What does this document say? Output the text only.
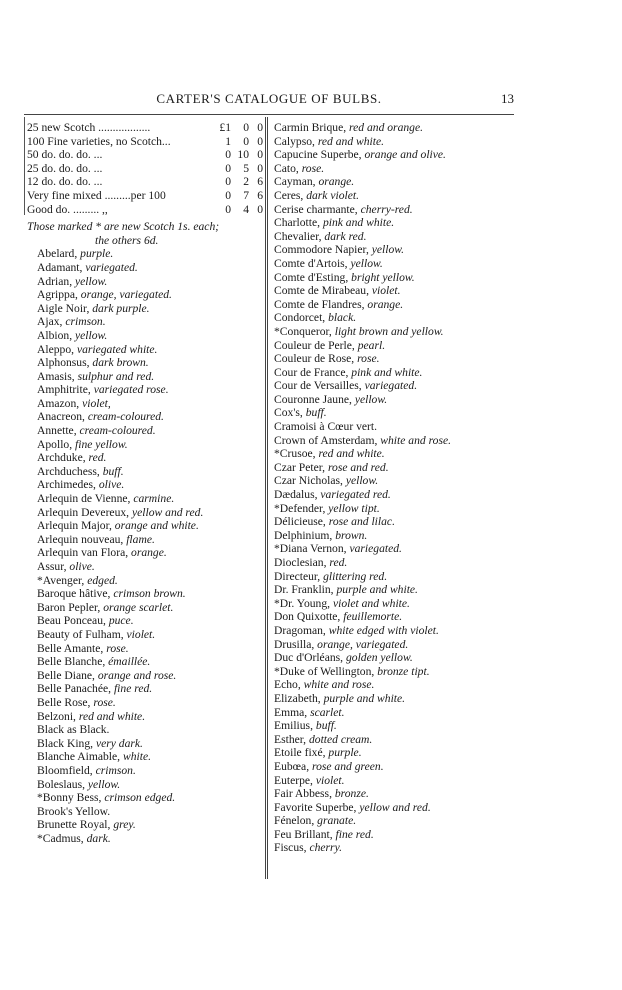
CARTER'S CATALOGUE OF BULBS.	13
25 new Scotch ..................	£1	0 0
100 Fine varieties, no Scotch...	1	0 0
50 do. do. do. ...	0 10 0
25 do. do. do. ...	0	5 0
12 do. do. do. ...	0	2 6
Very fine mixed .........per 100	0	7 6
Good do. ......... ,,	0	4 0
Those marked * are new Scotch 1s. each;
the others 6d.
Abelard, purple.
Adamant, variegated.
Adrian, yellow.
Agrippa, orange, variegated.
Aigle Noir, dark purple.
Ajax, crimson.
Albion, yellow.
Aleppo, variegated white.
Alphonsus, dark brown.
Amasis, sulphur and red.
Amphitrite, variegated rose.
Amazon, violet,
Anacreon, cream-coloured.
Annette, cream-coloured.
Apollo, fine yellow.
Archduke, red.
Archduchess, buff.
Archimedes, olive.
Arlequin de Vienne, carmine.
Arlequin Devereux, yellow and red.
Arlequin Major, orange and white.
Arlequin nouveau, flame.
Arlequin van Flora, orange.
Assur, olive.
*Avenger, edged.
Baroque hâtive, crimson brown.
Baron Pepler, orange scarlet.
Beau Ponceau, puce.
Beauty of Fulham, violet.
Belle Amante, rose.
Belle Blanche, émaillée.
Belle Diane, orange and rose.
Belle Panachée, fine red.
Belle Rose, rose.
Belzoni, red and white.
Black as Black.
Black King, very dark.
Blanche Aimable, white.
Bloomfield, crimson.
Boleslaus, yellow.
*Bonny Bess, crimson edged.
Brook's Yellow.
Brunette Royal, grey.
*Cadmus, dark.
Carmin Brique, red and orange.
Calypso, red and white.
Capucine Superbe, orange and olive.
Cato, rose.
Cayman, orange.
Ceres, dark violet.
Cerise charmante, cherry-red.
Charlotte, pink and white.
Chevalier, dark red.
Commodore Napier, yellow.
Comte d'Artois, yellow.
Comte d'Esting, bright yellow.
Comte de Mirabeau, violet.
Comte de Flandres, orange.
Condorcet, black.
*Conqueror, light brown and yellow.
Couleur de Perle, pearl.
Couleur de Rose, rose.
Cour de France, pink and white.
Cour de Versailles, variegated.
Couronne Jaune, yellow.
Cox's, buff.
Cramoisi à Cœur vert.
Crown of Amsterdam, white and rose.
*Crusoe, red and white.
Czar Peter, rose and red.
Czar Nicholas, yellow.
Dædalus, variegated red.
*Defender, yellow tipt.
Délicieuse, rose and lilac.
Delphinium, brown.
*Diana Vernon, variegated.
Dioclesian, red.
Directeur, glittering red.
Dr. Franklin, purple and white.
*Dr. Young, violet and white.
Don Quixotte, feuillemorte.
Dragoman, white edged with violet.
Drusilla, orange, variegated.
Duc d'Orléans, golden yellow.
*Duke of Wellington, bronze tipt.
Echo, white and rose.
Elizabeth, purple and white.
Emma, scarlet.
Emilius, buff.
Esther, dotted cream.
Etoile fixé, purple.
Eubœa, rose and green.
Euterpe, violet.
Fair Abbess, bronze.
Favorite Superbe, yellow and red.
Fénelon, granate.
Feu Brillant, fine red.
Fiscus, cherry.
